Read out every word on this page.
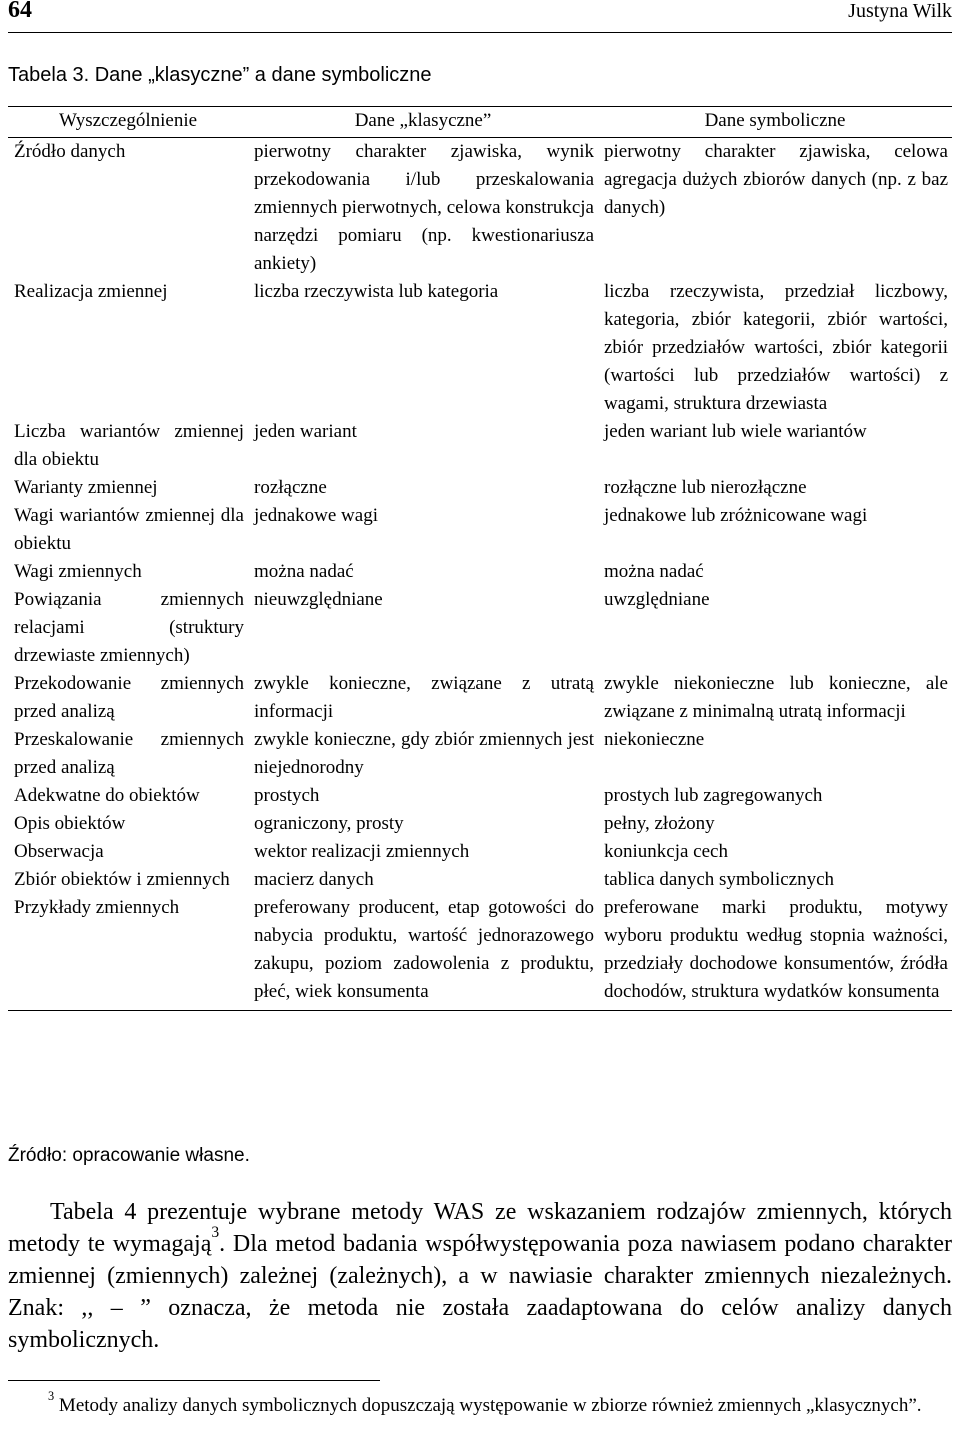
64	Justyna Wilk
Tabela 3. Dane „klasyczne” a dane symboliczne
Wyszczególnienie	Dane „klasyczne”	Dane symboliczne
Źródło danych	pierwotny charakter zjawiska, wynik przekodowania i/lub przeskalowania zmiennych pierwotnych, celowa konstrukcja narzędzi pomiaru (np. kwestionariusza ankiety)	pierwotny charakter zjawiska, celowa agregacja dużych zbiorów danych (np. z baz danych)
Realizacja zmiennej	liczba rzeczywista lub kategoria	liczba rzeczywista, przedział liczbowy, kategoria, zbiór kategorii, zbiór wartości, zbiór przedziałów wartości, zbiór kategorii (wartości lub przedziałów wartości) z wagami, struktura drzewiasta
Liczba wariantów zmiennej dla obiektu	jeden wariant	jeden wariant lub wiele wariantów
Warianty zmiennej	rozłączne	rozłączne lub nierozłączne
Wagi wariantów zmiennej dla obiektu	jednakowe wagi	jednakowe lub zróżnicowane wagi
Wagi zmiennych	można nadać	można nadać
Powiązania zmiennych relacjami (struktury drzewiaste zmiennych)	nieuwzględniane	uwzględniane
Przekodowanie zmiennych przed analizą	zwykle konieczne, związane z utratą informacji	zwykle niekonieczne lub konieczne, ale związane z minimalną utratą informacji
Przeskalowanie zmiennych przed analizą	zwykle konieczne, gdy zbiór zmiennych jest niejednorodny	niekonieczne
Adekwatne do obiektów	prostych	prostych lub zagregowanych
Opis obiektów	ograniczony, prosty	pełny, złożony
Obserwacja	wektor realizacji zmiennych	koniunkcja cech
Zbiór obiektów i zmiennych	macierz danych	tablica danych symbolicznych
Przykłady zmiennych	preferowany producent, etap gotowości do nabycia produktu, wartość jednorazowego zakupu, poziom zadowolenia z produktu, płeć, wiek konsumenta	preferowane marki produktu, motywy wyboru produktu według stopnia ważności, przedziały dochodowe konsumentów, źródła dochodów, struktura wydatków konsumenta
Źródło: opracowanie własne.

Tabela 4 prezentuje wybrane metody WAS ze wskazaniem rodzajów zmiennych, których metody te wymagają$^3$. Dla metod badania współwystępowania poza nawiasem podano charakter zmiennej (zmiennych) zależnej (zależnych), a w nawiasie charakter zmiennych niezależnych. Znak: ,, – ” oznacza, że metoda nie została zaadaptowana do celów analizy danych symbolicznych.

$^3$ Metody analizy danych symbolicznych dopuszczają występowanie w zbiorze również zmiennych „klasycznych”.
